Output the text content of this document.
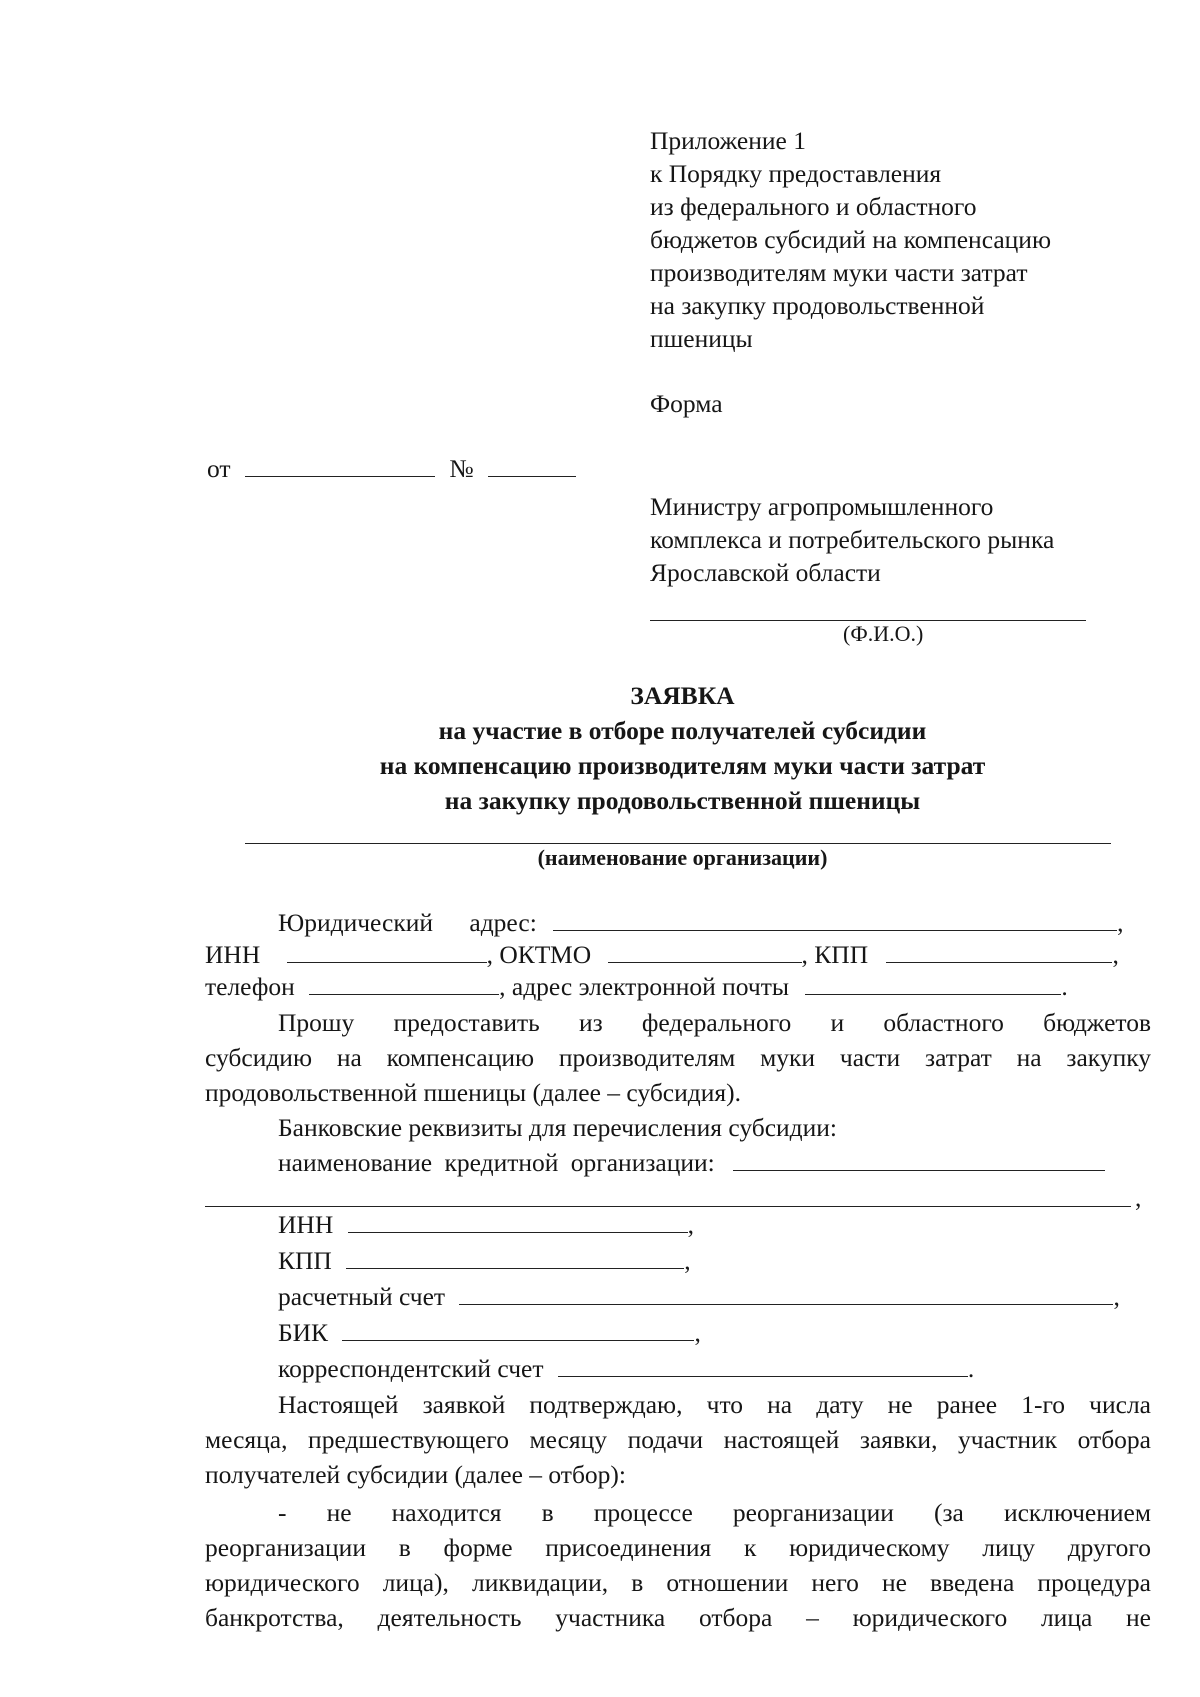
Приложение 1
к Порядку предоставления
из федерального и областного
бюджетов субсидий на компенсацию
производителям муки части затрат
на закупку продовольственной
пшеницы
Форма
от	№
Министру агропромышленного
комплекса и потребительского рынка
Ярославской области
(Ф.И.О.)
ЗАЯВКА
на участие в отборе получателей субсидии
на компенсацию производителям муки части затрат
на закупку продовольственной пшеницы
(наименование организации)
Юридический адрес:	,
ИНН	, ОКТМО	, КПП	,
телефон	, адрес электронной почты	.
Прошу предоставить из федерального и областного бюджетов
субсидию на компенсацию производителям муки части затрат на закупку
продовольственной пшеницы (далее – субсидия).
Банковские реквизиты для перечисления субсидии:
наименование кредитной организации:
,
ИНН	,
КПП	,
расчетный счет	,
БИК	,
корреспондентский счет	.
Настоящей заявкой подтверждаю, что на дату не ранее 1-го числа
месяца, предшествующего месяцу подачи настоящей заявки, участник отбора
получателей субсидии (далее – отбор):
- не находится в процессе реорганизации (за исключением
реорганизации в форме присоединения к юридическому лицу другого
юридического лица), ликвидации, в отношении него не введена процедура
банкротства, деятельность участника отбора – юридического лица не
